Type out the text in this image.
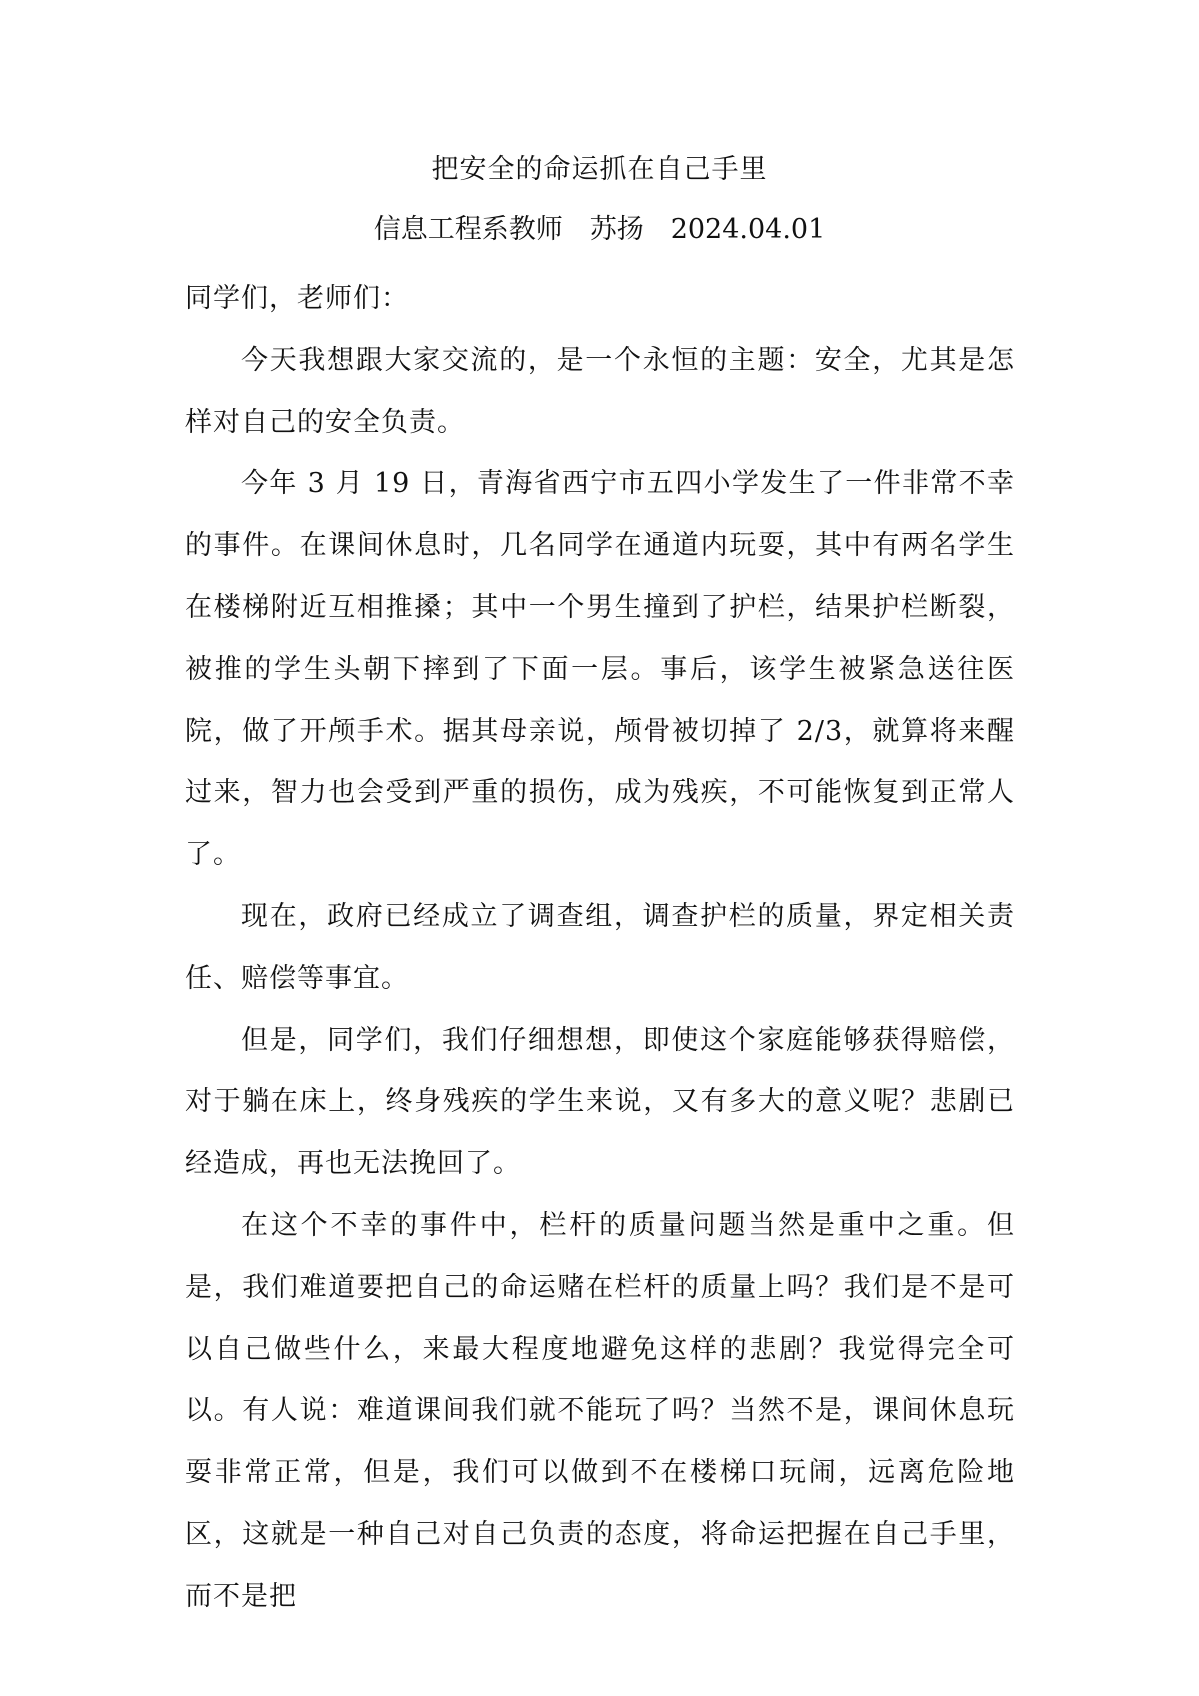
把安全的命运抓在自己手里
信息工程系教师　苏扬　2024.04.01

同学们，老师们：

今天我想跟大家交流的，是一个永恒的主题：安全，尤其是怎样对自己的安全负责。

今年 3 月 19 日，青海省西宁市五四小学发生了一件非常不幸的事件。在课间休息时，几名同学在通道内玩耍，其中有两名学生在楼梯附近互相推搡；其中一个男生撞到了护栏，结果护栏断裂，被推的学生头朝下摔到了下面一层。事后，该学生被紧急送往医院，做了开颅手术。据其母亲说，颅骨被切掉了 2/3，就算将来醒过来，智力也会受到严重的损伤，成为残疾，不可能恢复到正常人了。

现在，政府已经成立了调查组，调查护栏的质量，界定相关责任、赔偿等事宜。

但是，同学们，我们仔细想想，即使这个家庭能够获得赔偿，对于躺在床上，终身残疾的学生来说，又有多大的意义呢？悲剧已经造成，再也无法挽回了。

在这个不幸的事件中，栏杆的质量问题当然是重中之重。但是，我们难道要把自己的命运赌在栏杆的质量上吗？我们是不是可以自己做些什么，来最大程度地避免这样的悲剧？我觉得完全可以。有人说：难道课间我们就不能玩了吗？当然不是，课间休息玩耍非常正常，但是，我们可以做到不在楼梯口玩闹，远离危险地区，这就是一种自己对自己负责的态度，将命运把握在自己手里，而不是把
